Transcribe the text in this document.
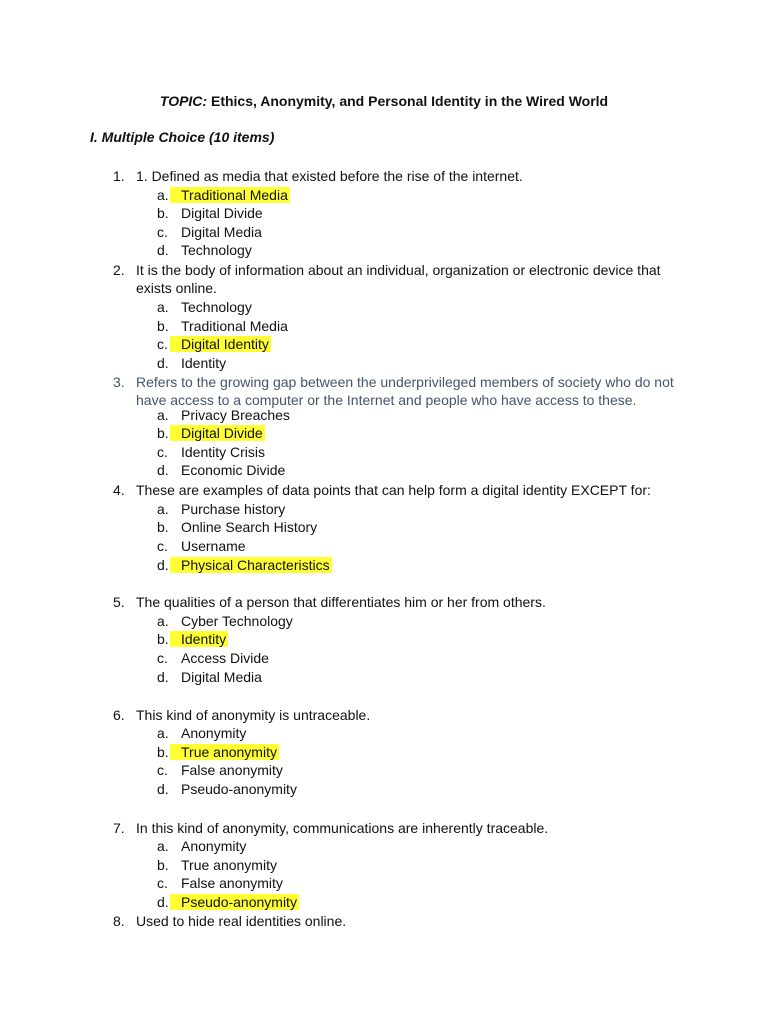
TOPIC: Ethics, Anonymity, and Personal Identity in the Wired World
I. Multiple Choice (10 items)
1. 1. Defined as media that existed before the rise of the internet.
a. Traditional Media
b. Digital Divide
c. Digital Media
d. Technology
2. It is the body of information about an individual, organization or electronic device that exists online.
a. Technology
b. Traditional Media
c. Digital Identity
d. Identity
3. Refers to the growing gap between the underprivileged members of society who do not have access to a computer or the Internet and people who have access to these.
a. Privacy Breaches
b. Digital Divide
c. Identity Crisis
d. Economic Divide
4. These are examples of data points that can help form a digital identity EXCEPT for:
a. Purchase history
b. Online Search History
c. Username
d. Physical Characteristics
5. The qualities of a person that differentiates him or her from others.
a. Cyber Technology
b. Identity
c. Access Divide
d. Digital Media
6. This kind of anonymity is untraceable.
a. Anonymity
b. True anonymity
c. False anonymity
d. Pseudo-anonymity
7. In this kind of anonymity, communications are inherently traceable.
a. Anonymity
b. True anonymity
c. False anonymity
d. Pseudo-anonymity
8. Used to hide real identities online.
